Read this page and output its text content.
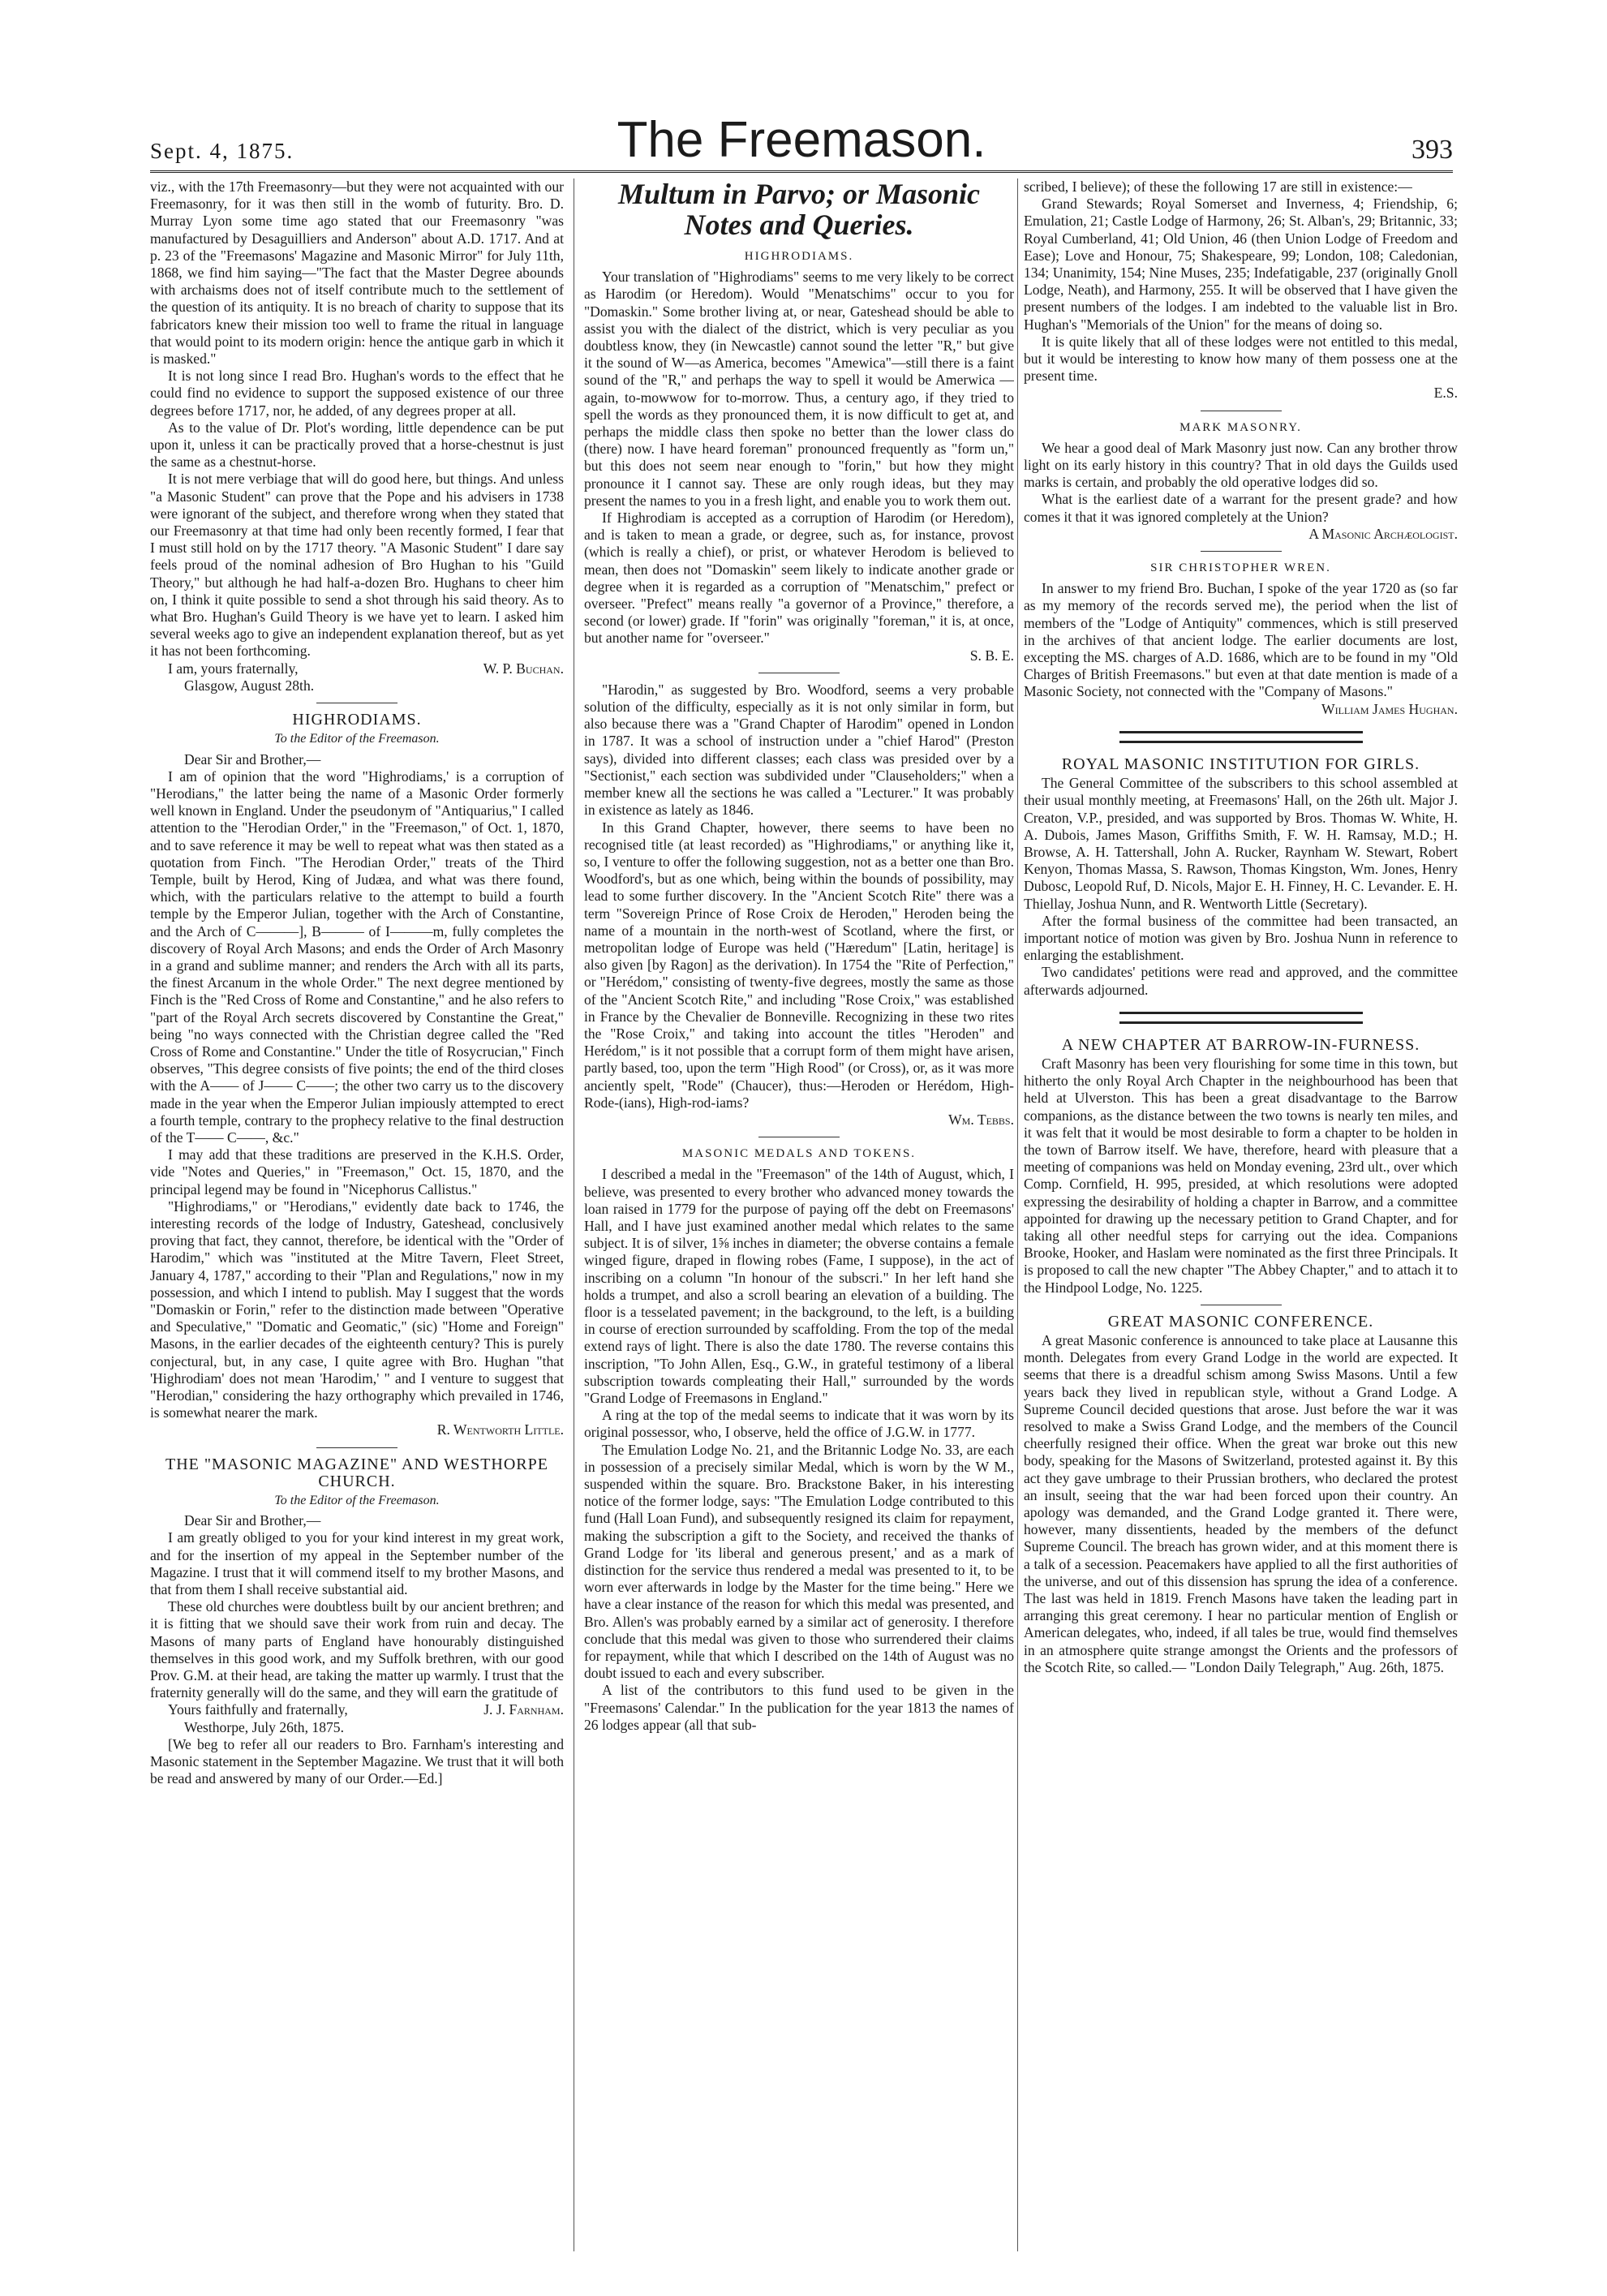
Sept. 4, 1875.	The Freemason.	393

viz., with the 17th Freemasonry—but they were not acquainted with our Freemasonry, for it was then still in the womb of futurity. Bro. D. Murray Lyon some time ago stated that our Freemasonry "was manufactured by Desaguilliers and Anderson" about A.D. 1717. And at p. 23 of the "Freemasons' Magazine and Masonic Mirror" for July 11th, 1868, we find him saying—"The fact that the Master Degree abounds with archaisms does not of itself contribute much to the settlement of the question of its antiquity. It is no breach of charity to suppose that its fabricators knew their mission too well to frame the ritual in language that would point to its modern origin: hence the antique garb in which it is masked."

It is not long since I read Bro. Hughan's words to the effect that he could find no evidence to support the supposed existence of our three degrees before 1717, nor, he added, of any degrees proper at all.

As to the value of Dr. Plot's wording, little dependence can be put upon it, unless it can be practically proved that a horse-chestnut is just the same as a chestnut-horse.

It is not mere verbiage that will do good here, but things. And unless "a Masonic Student" can prove that the Pope and his advisers in 1738 were ignorant of the subject, and therefore wrong when they stated that our Freemasonry at that time had only been recently formed, I fear that I must still hold on by the 1717 theory. "A Masonic Student" I dare say feels proud of the nominal adhesion of Bro Hughan to his "Guild Theory," but although he had half-a-dozen Bro. Hughans to cheer him on, I think it quite possible to send a shot through his said theory. As to what Bro. Hughan's Guild Theory is we have yet to learn. I asked him several weeks ago to give an independent explanation thereof, but as yet it has not been forthcoming.

I am, yours fraternally,	W. P. Buchan.

Glasgow, August 28th.

HIGHRODIAMS.
To the Editor of the Freemason.

Dear Sir and Brother,—

I am of opinion that the word "Highrodiams,' is a corruption of "Herodians," the latter being the name of a Masonic Order formerly well known in England. Under the pseudonym of "Antiquarius," I called attention to the "Herodian Order," in the "Freemason," of Oct. 1, 1870, and to save reference it may be well to repeat what was then stated as a quotation from Finch. "The Herodian Order," treats of the Third Temple, built by Herod, King of Judæa, and what was there found, which, with the particulars relative to the attempt to build a fourth temple by the Emperor Julian, together with the Arch of Constantine, and the Arch of C———], B——— of I———m, fully completes the discovery of Royal Arch Masons; and ends the Order of Arch Masonry in a grand and sublime manner; and renders the Arch with all its parts, the finest Arcanum in the whole Order." The next degree mentioned by Finch is the "Red Cross of Rome and Constantine," and he also refers to "part of the Royal Arch secrets discovered by Constantine the Great," being "no ways connected with the Christian degree called the "Red Cross of Rome and Constantine." Under the title of Rosycrucian," Finch observes, "This degree consists of five points; the end of the third closes with the A—— of J—— C——; the other two carry us to the discovery made in the year when the Emperor Julian impiously attempted to erect a fourth temple, contrary to the prophecy relative to the final destruction of the T—— C——, &c."

I may add that these traditions are preserved in the K.H.S. Order, vide "Notes and Queries," in "Freemason," Oct. 15, 1870, and the principal legend may be found in "Nicephorus Callistus."

"Highrodiams," or "Herodians," evidently date back to 1746, the interesting records of the lodge of Industry, Gateshead, conclusively proving that fact, they cannot, therefore, be identical with the "Order of Harodim," which was "instituted at the Mitre Tavern, Fleet Street, January 4, 1787," according to their "Plan and Regulations," now in my possession, and which I intend to publish. May I suggest that the words "Domaskin or Forin," refer to the distinction made between "Operative and Speculative," "Domatic and Geomatic," (sic) "Home and Foreign" Masons, in the earlier decades of the eighteenth century? This is purely conjectural, but, in any case, I quite agree with Bro. Hughan "that 'Highrodiam' does not mean 'Harodim,' " and I venture to suggest that "Herodian," considering the hazy orthography which prevailed in 1746, is somewhat nearer the mark.

R. Wentworth Little.

THE "MASONIC MAGAZINE" AND WESTHORPE CHURCH.
To the Editor of the Freemason.

Dear Sir and Brother,—

I am greatly obliged to you for your kind interest in my great work, and for the insertion of my appeal in the September number of the Magazine. I trust that it will commend itself to my brother Masons, and that from them I shall receive substantial aid.

These old churches were doubtless built by our ancient brethren; and it is fitting that we should save their work from ruin and decay. The Masons of many parts of England have honourably distinguished themselves in this good work, and my Suffolk brethren, with our good Prov. G.M. at their head, are taking the matter up warmly. I trust that the fraternity generally will do the same, and they will earn the gratitude of

Yours faithfully and fraternally,	J. J. Farnham.

Westhorpe, July 26th, 1875.

[We beg to refer all our readers to Bro. Farnham's interesting and Masonic statement in the September Magazine. We trust that it will both be read and answered by many of our Order.—Ed.]

Multum in Parvo; or Masonic Notes and Queries.
HIGHRODIAMS.

Your translation of "Highrodiams" seems to me very likely to be correct as Harodim (or Heredom). Would "Menatschims" occur to you for "Domaskin." Some brother living at, or near, Gateshead should be able to assist you with the dialect of the district, which is very peculiar as you doubtless know, they (in Newcastle) cannot sound the letter "R," but give it the sound of W—as America, becomes "Amewica"—still there is a faint sound of the "R," and perhaps the way to spell it would be Amerwica —again, to-mowwow for to-morrow. Thus, a century ago, if they tried to spell the words as they pronounced them, it is now difficult to get at, and perhaps the middle class then spoke no better than the lower class do (there) now. I have heard foreman" pronounced frequently as "form un," but this does not seem near enough to "forin," but how they might pronounce it I cannot say. These are only rough ideas, but they may present the names to you in a fresh light, and enable you to work them out.

If Highrodiam is accepted as a corruption of Harodim (or Heredom), and is taken to mean a grade, or degree, such as, for instance, provost (which is really a chief), or prist, or whatever Herodom is believed to mean, then does not "Domaskin" seem likely to indicate another grade or degree when it is regarded as a corruption of "Menatschim," prefect or overseer. "Prefect" means really "a governor of a Province," therefore, a second (or lower) grade. If "forin" was originally "foreman," it is, at once, but another name for "overseer."

S. B. E.

"Harodin," as suggested by Bro. Woodford, seems a very probable solution of the difficulty, especially as it is not only similar in form, but also because there was a "Grand Chapter of Harodim" opened in London in 1787. It was a school of instruction under a "chief Harod" (Preston says), divided into different classes; each class was presided over by a "Sectionist," each section was subdivided under "Clauseholders;" when a member knew all the sections he was called a "Lecturer." It was probably in existence as lately as 1846.

In this Grand Chapter, however, there seems to have been no recognised title (at least recorded) as "Highrodiams," or anything like it, so, I venture to offer the following suggestion, not as a better one than Bro. Woodford's, but as one which, being within the bounds of possibility, may lead to some further discovery. In the "Ancient Scotch Rite" there was a term "Sovereign Prince of Rose Croix de Heroden," Heroden being the name of a mountain in the north-west of Scotland, where the first, or metropolitan lodge of Europe was held ("Hæredum" [Latin, heritage] is also given [by Ragon] as the derivation). In 1754 the "Rite of Perfection," or "Herédom," consisting of twenty-five degrees, mostly the same as those of the "Ancient Scotch Rite," and including "Rose Croix," was established in France by the Chevalier de Bonneville. Recognizing in these two rites the "Rose Croix," and taking into account the titles "Heroden" and Herédom," is it not possible that a corrupt form of them might have arisen, partly based, too, upon the term "High Rood" (or Cross), or, as it was more anciently spelt, "Rode" (Chaucer), thus:—Heroden or Herédom, High-Rode-(ians), High-rod-iams?

Wm. Tebbs.

MASONIC MEDALS AND TOKENS.

I described a medal in the "Freemason" of the 14th of August, which, I believe, was presented to every brother who advanced money towards the loan raised in 1779 for the purpose of paying off the debt on Freemasons' Hall, and I have just examined another medal which relates to the same subject. It is of silver, 1⅝ inches in diameter; the obverse contains a female winged figure, draped in flowing robes (Fame, I suppose), in the act of inscribing on a column "In honour of the subscri." In her left hand she holds a trumpet, and also a scroll bearing an elevation of a building. The floor is a tesselated pavement; in the background, to the left, is a building in course of erection surrounded by scaffolding. From the top of the medal extend rays of light. There is also the date 1780. The reverse contains this inscription, "To John Allen, Esq., G.W., in grateful testimony of a liberal subscription towards compleating their Hall," surrounded by the words "Grand Lodge of Freemasons in England."

A ring at the top of the medal seems to indicate that it was worn by its original possessor, who, I observe, held the office of J.G.W. in 1777.

The Emulation Lodge No. 21, and the Britannic Lodge No. 33, are each in possession of a precisely similar Medal, which is worn by the W M., suspended within the square. Bro. Brackstone Baker, in his interesting notice of the former lodge, says: "The Emulation Lodge contributed to this fund (Hall Loan Fund), and subsequently resigned its claim for repayment, making the subscription a gift to the Society, and received the thanks of Grand Lodge for 'its liberal and generous present,' and as a mark of distinction for the service thus rendered a medal was presented to it, to be worn ever afterwards in lodge by the Master for the time being." Here we have a clear instance of the reason for which this medal was presented, and Bro. Allen's was probably earned by a similar act of generosity. I therefore conclude that this medal was given to those who surrendered their claims for repayment, while that which I described on the 14th of August was no doubt issued to each and every subscriber.

A list of the contributors to this fund used to be given in the "Freemasons' Calendar." In the publication for the year 1813 the names of 26 lodges appear (all that sub-

scribed, I believe); of these the following 17 are still in existence:—

Grand Stewards; Royal Somerset and Inverness, 4; Friendship, 6; Emulation, 21; Castle Lodge of Harmony, 26; St. Alban's, 29; Britannic, 33; Royal Cumberland, 41; Old Union, 46 (then Union Lodge of Freedom and Ease); Love and Honour, 75; Shakespeare, 99; London, 108; Caledonian, 134; Unanimity, 154; Nine Muses, 235; Indefatigable, 237 (originally Gnoll Lodge, Neath), and Harmony, 255. It will be observed that I have given the present numbers of the lodges. I am indebted to the valuable list in Bro. Hughan's "Memorials of the Union" for the means of doing so.

It is quite likely that all of these lodges were not entitled to this medal, but it would be interesting to know how many of them possess one at the present time.

E.S.

MARK MASONRY.

We hear a good deal of Mark Masonry just now. Can any brother throw light on its early history in this country? That in old days the Guilds used marks is certain, and probably the old operative lodges did so.

What is the earliest date of a warrant for the present grade? and how comes it that it was ignored completely at the Union?

A Masonic Archæologist.

SIR CHRISTOPHER WREN.

In answer to my friend Bro. Buchan, I spoke of the year 1720 as (so far as my memory of the records served me), the period when the list of members of the "Lodge of Antiquity" commences, which is still preserved in the archives of that ancient lodge. The earlier documents are lost, excepting the MS. charges of A.D. 1686, which are to be found in my "Old Charges of British Freemasons." but even at that date mention is made of a Masonic Society, not connected with the "Company of Masons."

William James Hughan.

ROYAL MASONIC INSTITUTION FOR GIRLS.

The General Committee of the subscribers to this school assembled at their usual monthly meeting, at Freemasons' Hall, on the 26th ult. Major J. Creaton, V.P., presided, and was supported by Bros. Thomas W. White, H. A. Dubois, James Mason, Griffiths Smith, F. W. H. Ramsay, M.D.; H. Browse, A. H. Tattershall, John A. Rucker, Raynham W. Stewart, Robert Kenyon, Thomas Massa, S. Rawson, Thomas Kingston, Wm. Jones, Henry Dubosc, Leopold Ruf, D. Nicols, Major E. H. Finney, H. C. Levander. E. H. Thiellay, Joshua Nunn, and R. Wentworth Little (Secretary).

After the formal business of the committee had been transacted, an important notice of motion was given by Bro. Joshua Nunn in reference to enlarging the establishment.

Two candidates' petitions were read and approved, and the committee afterwards adjourned.

A NEW CHAPTER AT BARROW-IN-FURNESS.

Craft Masonry has been very flourishing for some time in this town, but hitherto the only Royal Arch Chapter in the neighbourhood has been that held at Ulverston. This has been a great disadvantage to the Barrow companions, as the distance between the two towns is nearly ten miles, and it was felt that it would be most desirable to form a chapter to be holden in the town of Barrow itself. We have, therefore, heard with pleasure that a meeting of companions was held on Monday evening, 23rd ult., over which Comp. Cornfield, H. 995, presided, at which resolutions were adopted expressing the desirability of holding a chapter in Barrow, and a committee appointed for drawing up the necessary petition to Grand Chapter, and for taking all other needful steps for carrying out the idea. Companions Brooke, Hooker, and Haslam were nominated as the first three Principals. It is proposed to call the new chapter "The Abbey Chapter," and to attach it to the Hindpool Lodge, No. 1225.

GREAT MASONIC CONFERENCE.

A great Masonic conference is announced to take place at Lausanne this month. Delegates from every Grand Lodge in the world are expected. It seems that there is a dreadful schism among Swiss Masons. Until a few years back they lived in republican style, without a Grand Lodge. A Supreme Council decided questions that arose. Just before the war it was resolved to make a Swiss Grand Lodge, and the members of the Council cheerfully resigned their office. When the great war broke out this new body, speaking for the Masons of Switzerland, protested against it. By this act they gave umbrage to their Prussian brothers, who declared the protest an insult, seeing that the war had been forced upon their country. An apology was demanded, and the Grand Lodge granted it. There were, however, many dissentients, headed by the members of the defunct Supreme Council. The breach has grown wider, and at this moment there is a talk of a secession. Peacemakers have applied to all the first authorities of the universe, and out of this dissension has sprung the idea of a conference. The last was held in 1819. French Masons have taken the leading part in arranging this great ceremony. I hear no particular mention of English or American delegates, who, indeed, if all tales be true, would find themselves in an atmosphere quite strange amongst the Orients and the professors of the Scotch Rite, so called.— "London Daily Telegraph," Aug. 26th, 1875.
